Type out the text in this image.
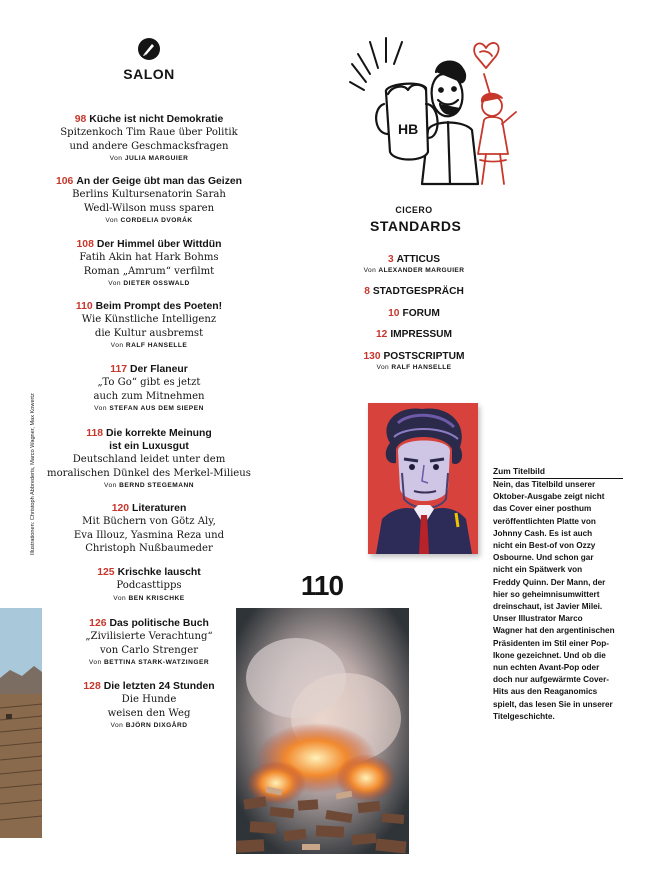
SALON
98 Küche ist nicht Demokratie
Spitzenkoch Tim Raue über Politik
und andere Geschmacksfragen
Von JULIA MARGUIER
106 An der Geige übt man das Geizen
Berlins Kultursenatorin Sarah
Wedl-Wilson muss sparen
Von CORDELIA DVORÁK
108 Der Himmel über Wittdün
Fatih Akin hat Hark Bohms
Roman „Amrum“ verfilmt
Von DIETER OSSWALD
110 Beim Prompt des Poeten!
Wie Künstliche Intelligenz
die Kultur ausbremst
Von RALF HANSELLE
117 Der Flaneur
„To Go“ gibt es jetzt
auch zum Mitnehmen
Von STEFAN AUS DEM SIEPEN
118 Die korrekte Meinung
ist ein Luxusgut
Deutschland leidet unter dem
moralischen Dünkel des Merkel-Milieus
Von BERND STEGEMANN
120 Literaturen
Mit Büchern von Götz Aly,
Eva Illouz, Yasmina Reza und
Christoph Nußbaumeder
125 Krischke lauscht
Podcasttipps
Von BEN KRISCHKE
126 Das politische Buch
„Zivilisierte Verachtung“
von Carlo Strenger
Von BETTINA STARK-WATZINGER
128 Die letzten 24 Stunden
Die Hunde
weisen den Weg
Von BJÖRN DIXGÅRD
Illustrationen: Christoph Abbrederis, Marco Wagner, Max Kowertz
HB
CICERO
STANDARDS
3 ATTICUS
Von ALEXANDER MARGUIER
8 STADTGESPRÄCH
10 FORUM
12 IMPRESSUM
130 POSTSCRIPTUM
Von RALF HANSELLE
110
Zum Titelbild
Nein, das Titelbild unserer
Oktober-Ausgabe zeigt nicht
das Cover einer posthum
veröffentlichten Platte von
Johnny Cash. Es ist auch
nicht ein Best-of von Ozzy
Osbourne. Und schon gar
nicht ein Spätwerk von
Freddy Quinn. Der Mann, der
hier so geheimnisumwittert
dreinschaut, ist Javier Milei.
Unser Illustrator Marco
Wagner hat den argentinischen
Präsidenten im Stil einer Pop-
Ikone gezeichnet. Und ob die
nun echten Avant-Pop oder
doch nur aufgewärmte Cover-
Hits aus den Reaganomics
spielt, das lesen Sie in unserer
Titelgeschichte.
